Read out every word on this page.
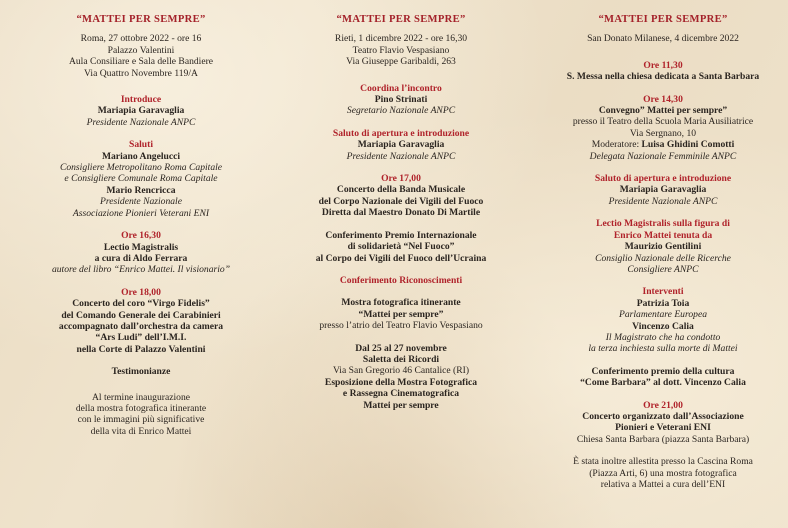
“MATTEI PER SEMPRE”
Roma, 27 ottobre 2022 - ore 16
Palazzo Valentini
Aula Consiliare e Sala delle Bandiere
Via Quattro Novembre 119/A
Introduce
Mariapia Garavaglia
Presidente Nazionale ANPC
Saluti
Mariano Angelucci
Consigliere Metropolitano Roma Capitale
e Consigliere Comunale Roma Capitale
Mario Rencricca
Presidente Nazionale
Associazione Pionieri Veterani ENI
Ore 16,30
Lectio Magistralis
a cura di Aldo Ferrara
autore del libro “Enrico Mattei. Il visionario”
Ore 18,00
Concerto del coro “Virgo Fidelis”
del Comando Generale dei Carabinieri
accompagnato dall’orchestra da camera
“Ars Ludi” dell’I.M.I.
nella Corte di Palazzo Valentini
Testimonianze
Al termine inaugurazione
della mostra fotografica itinerante
con le immagini più significative
della vita di Enrico Mattei
“MATTEI PER SEMPRE”
Rieti, 1 dicembre 2022 - ore 16,30
Teatro Flavio Vespasiano
Via Giuseppe Garibaldi, 263
Coordina l’incontro
Pino Strinati
Segretario Nazionale ANPC
Saluto di apertura e introduzione
Mariapia Garavaglia
Presidente Nazionale ANPC
Ore 17,00
Concerto della Banda Musicale
del Corpo Nazionale dei Vigili del Fuoco
Diretta dal Maestro Donato Di Martile
Conferimento Premio Internazionale
di solidarietà “Nel Fuoco”
al Corpo dei Vigili del Fuoco dell’Ucraina
Conferimento Riconoscimenti
Mostra fotografica itinerante
“Mattei per sempre”
presso l’atrio del Teatro Flavio Vespasiano
Dal 25 al 27 novembre
Saletta dei Ricordi
Via San Gregorio 46 Cantalice (RI)
Esposizione della Mostra Fotografica
e Rassegna Cinematografica
Mattei per sempre
“MATTEI PER SEMPRE”
San Donato Milanese, 4 dicembre 2022
Ore 11,30
S. Messa nella chiesa dedicata a Santa Barbara
Ore 14,30
Convegno” Mattei per sempre”
presso il Teatro della Scuola Maria Ausiliatrice
Via Sergnano, 10
Moderatore: Luisa Ghidini Comotti
Delegata Nazionale Femminile ANPC
Saluto di apertura e introduzione
Mariapia Garavaglia
Presidente Nazionale ANPC
Lectio Magistralis sulla figura di
Enrico Mattei tenuta da
Maurizio Gentilini
Consiglio Nazionale delle Ricerche
Consigliere ANPC
Interventi
Patrizia Toia
Parlamentare Europea
Vincenzo Calia
Il Magistrato che ha condotto
la terza inchiesta sulla morte di Mattei
Conferimento premio della cultura
“Come Barbara” al dott. Vincenzo Calia
Ore 21,00
Concerto organizzato dall’Associazione
Pionieri e Veterani ENI
Chiesa Santa Barbara (piazza Santa Barbara)
È stata inoltre allestita presso la Cascina Roma
(Piazza Arti, 6) una mostra fotografica
relativa a Mattei a cura dell’ENI
